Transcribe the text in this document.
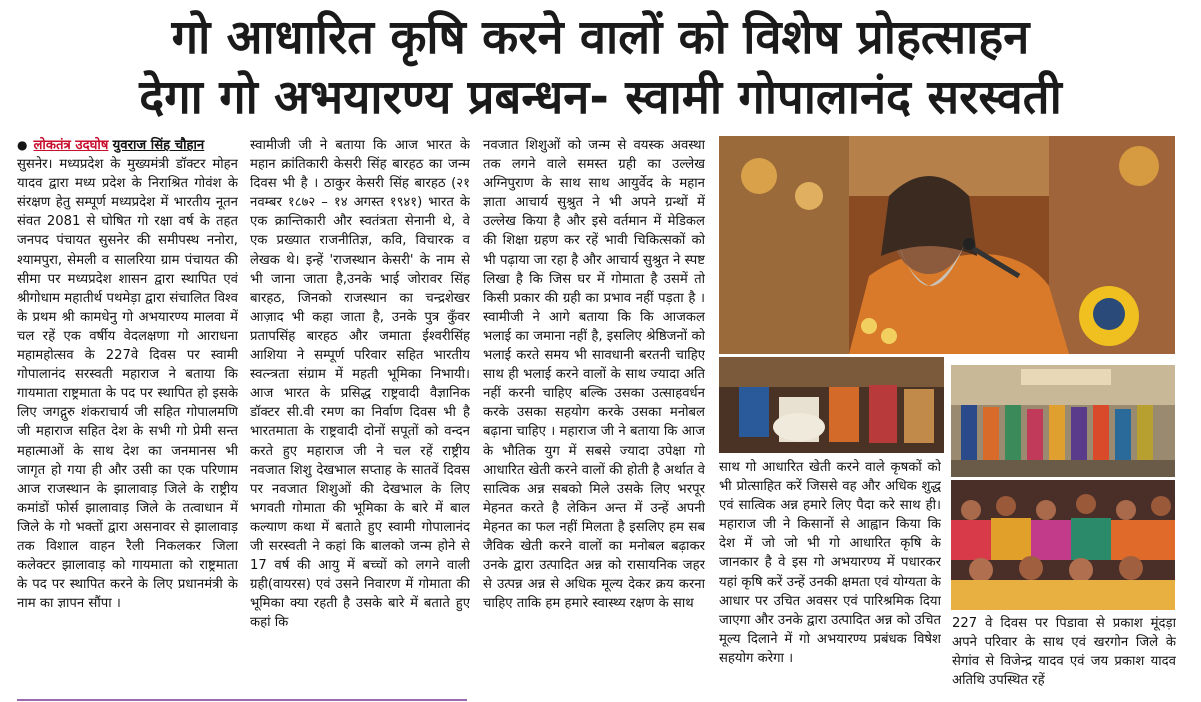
गो आधारित कृषि करने वालों को विशेष प्रोहत्साहन
देगा गो अभयारण्य प्रबन्धन- स्वामी गोपालानंद सरस्वती
● लोकतंत्र उदघोष युवराज सिंह चौहान
सुसनेर। मध्यप्रदेश के मुख्यमंत्री डॉक्टर मोहन यादव द्वारा मध्य प्रदेश के निराश्रित गोवंश के संरक्षण हेतु सम्पूर्ण मध्यप्रदेश में भारतीय नूतन संवत 2081 से घोषित गो रक्षा वर्ष के तहत जनपद पंचायत सुसनेर की समीपस्थ ननोरा, श्यामपुरा, सेमली व सालरिया ग्राम पंचायत की सीमा पर मध्यप्रदेश शासन द्वारा स्थापित एवं श्रीगोधाम महातीर्थ पथमेड़ा द्वारा संचालित विश्व के प्रथम श्री कामधेनु गो अभयारण्य मालवा में चल रहें एक वर्षीय वेदलक्षणा गो आराधना महामहोत्सव के 227वे दिवस पर स्वामी गोपालानंद सरस्वती महाराज ने बताया कि गायमाता राष्ट्रमाता के पद पर स्थापित हो इसके लिए जगद्गुरु शंकराचार्य जी सहित गोपालमणि जी महाराज सहित देश के सभी गो प्रेमी सन्त महात्माओं के साथ देश का जनमानस भी जागृत हो गया ही और उसी का एक परिणाम आज राजस्थान के झालावाड़ जिले के राष्ट्रीय कमांडों फोर्स झालावाड़ जिले के तत्वाधान में जिले के गो भक्तों द्वारा असनावर से झालावाड़ तक विशाल वाहन रैली निकलकर जिला कलेक्टर झालावाड़ को गायमाता को राष्ट्रमाता के पद पर स्थापित करने के लिए प्रधानमंत्री के नाम का ज्ञापन सौंपा ।
स्वामीजी जी ने बताया कि आज भारत के महान क्रांतिकारी केसरी सिंह बारहठ का जन्म दिवस भी है । ठाकुर केसरी सिंह बारहठ (२१ नवम्बर १८७२ – १४ अगस्त १९४१) भारत के एक क्रान्तिकारी और स्वतंत्रता सेनानी थे, वे एक प्रख्यात राजनीतिज्ञ, कवि, विचारक व लेखक थे। इन्हें 'राजस्थान केसरी' के नाम से भी जाना जाता है,उनके भाई जोरावर सिंह बारहठ, जिनको राजस्थान का चन्द्रशेखर आज़ाद भी कहा जाता है, उनके पुत्र कुँवर प्रतापसिंह बारहठ और जमाता ईश्वरीसिंह आशिया ने सम्पूर्ण परिवार सहित भारतीय स्वत्न्त्रता संग्राम में महती भूमिका निभायी। आज भारत के प्रसिद्ध राष्ट्रवादी वैज्ञानिक डॉक्टर सी.वी रमण का निर्वाण दिवस भी है भारतमाता के राष्ट्रवादी दोनों सपूतों को वन्दन करते हुए महाराज जी ने चल रहें राष्ट्रीय नवजात शिशु देखभाल सप्ताह के सातवें दिवस पर नवजात शिशुओं की देखभाल के लिए भगवती गोमाता की भूमिका के बारे में बाल कल्याण कथा में बताते हुए स्वामी गोपालानंद जी सरस्वती ने कहां कि बालको जन्म होने से 17 वर्ष की आयु में बच्चों को लगने वाली ग्रही(वायरस) एवं उसने निवारण में गोमाता की भूमिका क्या रहती है उसके बारे में बताते हुए कहां कि
नवजात शिशुओं को जन्म से वयस्क अवस्था तक लगने वाले समस्त ग्रही का उल्लेख अग्निपुराण के साथ साथ आयुर्वेद के महान ज्ञाता आचार्य सुश्रुत ने भी अपने ग्रन्थों में उल्लेख किया है और इसे वर्तमान में मेडिकल की शिक्षा ग्रहण कर रहें भावी चिकित्सकों को भी पढ़ाया जा रहा है और आचार्य सुश्रुत ने स्पष्ट लिखा है कि जिस घर में गोमाता है उसमें तो किसी प्रकार की ग्रही का प्रभाव नहीं पड़ता है । स्वामीजी ने आगे बताया कि कि आजकल भलाई का जमाना नहीं है, इसलिए श्रेष्ठिजनों को भलाई करते समय भी सावधानी बरतनी चाहिए साथ ही भलाई करने वालों के साथ ज्यादा अति नहीं करनी चाहिए बल्कि उसका उत्साहवर्धन करके उसका सहयोग करके उसका मनोबल बढ़ाना चाहिए । महाराज जी ने बताया कि आज के भौतिक युग में सबसे ज्यादा उपेक्षा गो आधारित खेती करने वालों की होती है अर्थात वे सात्विक अन्न सबको मिले उसके लिए भरपूर मेहनत करते है लेकिन अन्त में उन्हें अपनी मेहनत का फल नहीं मिलता है इसलिए हम सब जैविक खेती करने वालों का मनोबल बढ़ाकर उनके द्वारा उत्पादित अन्न को रासायनिक जहर से उत्पन्न अन्न से अधिक मूल्य देकर क्रय करना चाहिए ताकि हम हमारे स्वास्थ्य रक्षण के साथ
साथ गो आधारित खेती करने वाले कृषकों को भी प्रोत्साहित करें जिससे वह और अधिक शुद्ध एवं सात्विक अन्न हमारे लिए पैदा करे साथ ही। महाराज जी ने किसानों से आह्वान किया कि देश में जो जो भी गो आधारित कृषि के जानकार है वे इस गो अभयारण्य में पधारकर यहां कृषि करें उन्हें उनकी क्षमता एवं योग्यता के आधार पर उचित अवसर एवं पारिश्रमिक दिया जाएगा और उनके द्वारा उत्पादित अन्न को उचित मूल्य दिलाने में गो अभयारण्य प्रबंधक विषेश सहयोग करेगा ।
227 वे दिवस पर पिडावा से प्रकाश मूंदड़ा अपने परिवार के साथ एवं खरगोन जिले के सेगांव से विजेन्द्र यादव एवं जय प्रकाश यादव अतिथि उपस्थित रहें
